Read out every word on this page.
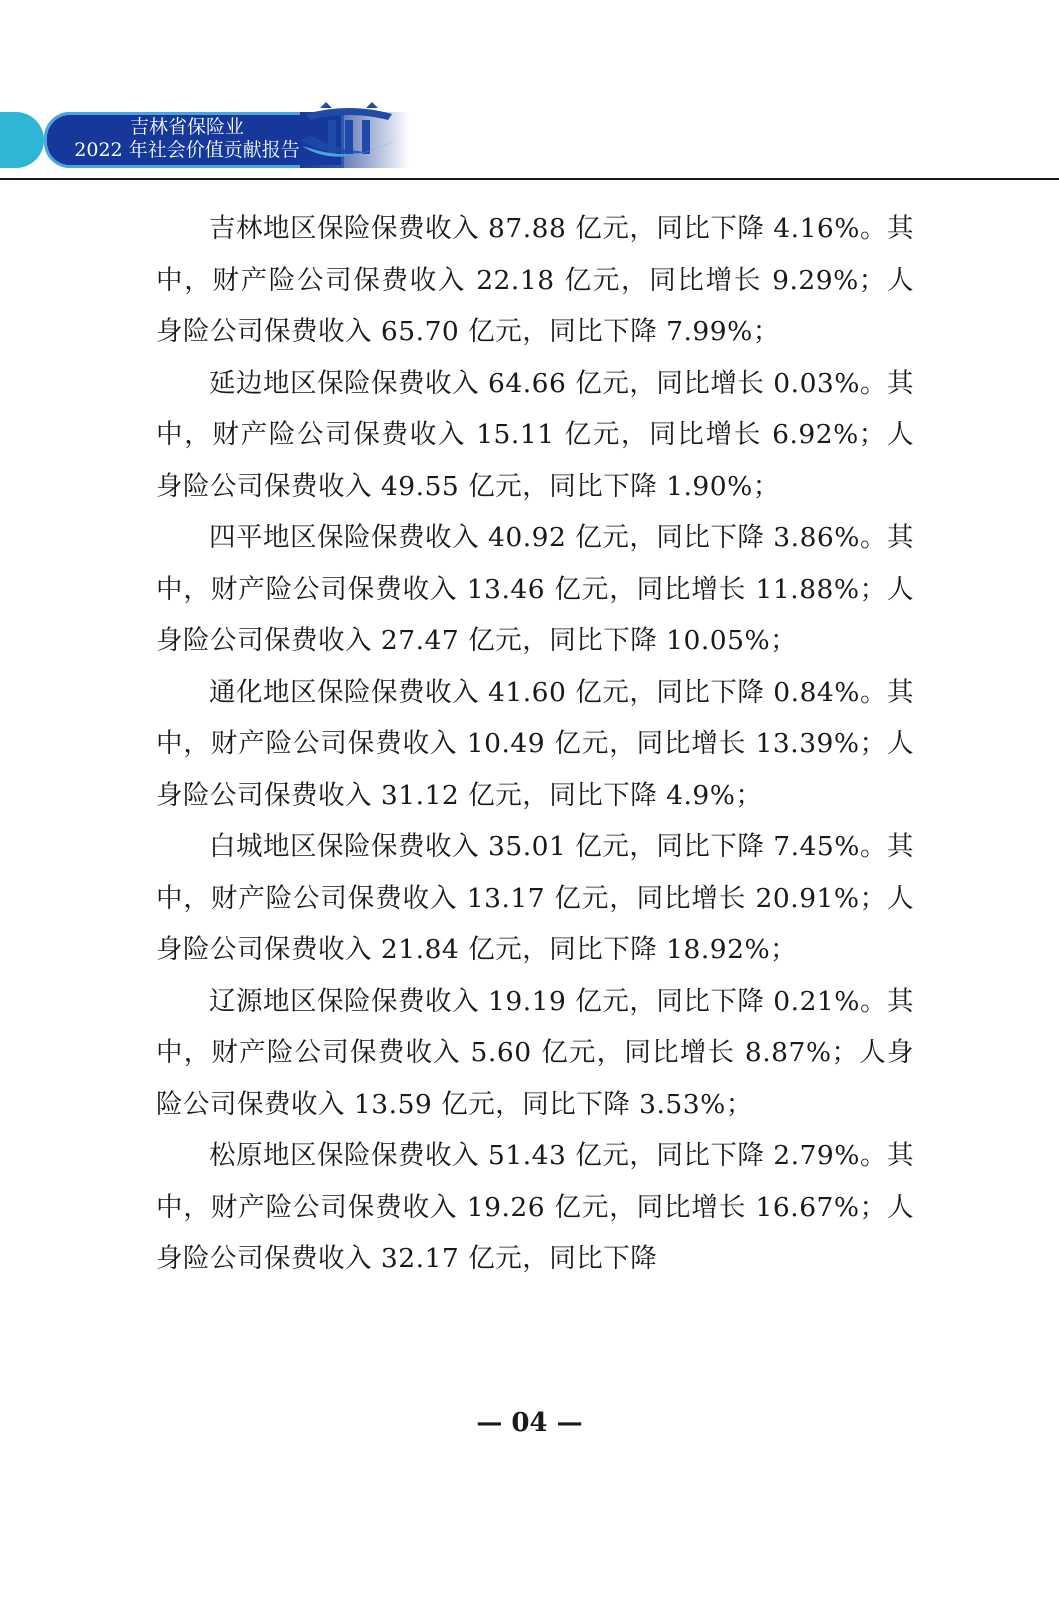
吉林省保险业
2022 年社会价值贡献报告

吉林地区保险保费收入 87.88 亿元，同比下降 4.16%。其中，财产险公司保费收入 22.18 亿元，同比增长 9.29%；人身险公司保费收入 65.70 亿元，同比下降 7.99%；

延边地区保险保费收入 64.66 亿元，同比增长 0.03%。其中，财产险公司保费收入 15.11 亿元，同比增长 6.92%；人身险公司保费收入 49.55 亿元，同比下降 1.90%；

四平地区保险保费收入 40.92 亿元，同比下降 3.86%。其中，财产险公司保费收入 13.46 亿元，同比增长 11.88%；人身险公司保费收入 27.47 亿元，同比下降 10.05%；

通化地区保险保费收入 41.60 亿元，同比下降 0.84%。其中，财产险公司保费收入 10.49 亿元，同比增长 13.39%；人身险公司保费收入 31.12 亿元，同比下降 4.9%；

白城地区保险保费收入 35.01 亿元，同比下降 7.45%。其中，财产险公司保费收入 13.17 亿元，同比增长 20.91%；人身险公司保费收入 21.84 亿元，同比下降 18.92%；

辽源地区保险保费收入 19.19 亿元，同比下降 0.21%。其中，财产险公司保费收入 5.60 亿元，同比增长 8.87%；人身险公司保费收入 13.59 亿元，同比下降 3.53%；

松原地区保险保费收入 51.43 亿元，同比下降 2.79%。其中，财产险公司保费收入 19.26 亿元，同比增长 16.67%；人身险公司保费收入 32.17 亿元，同比下降

— 04 —
